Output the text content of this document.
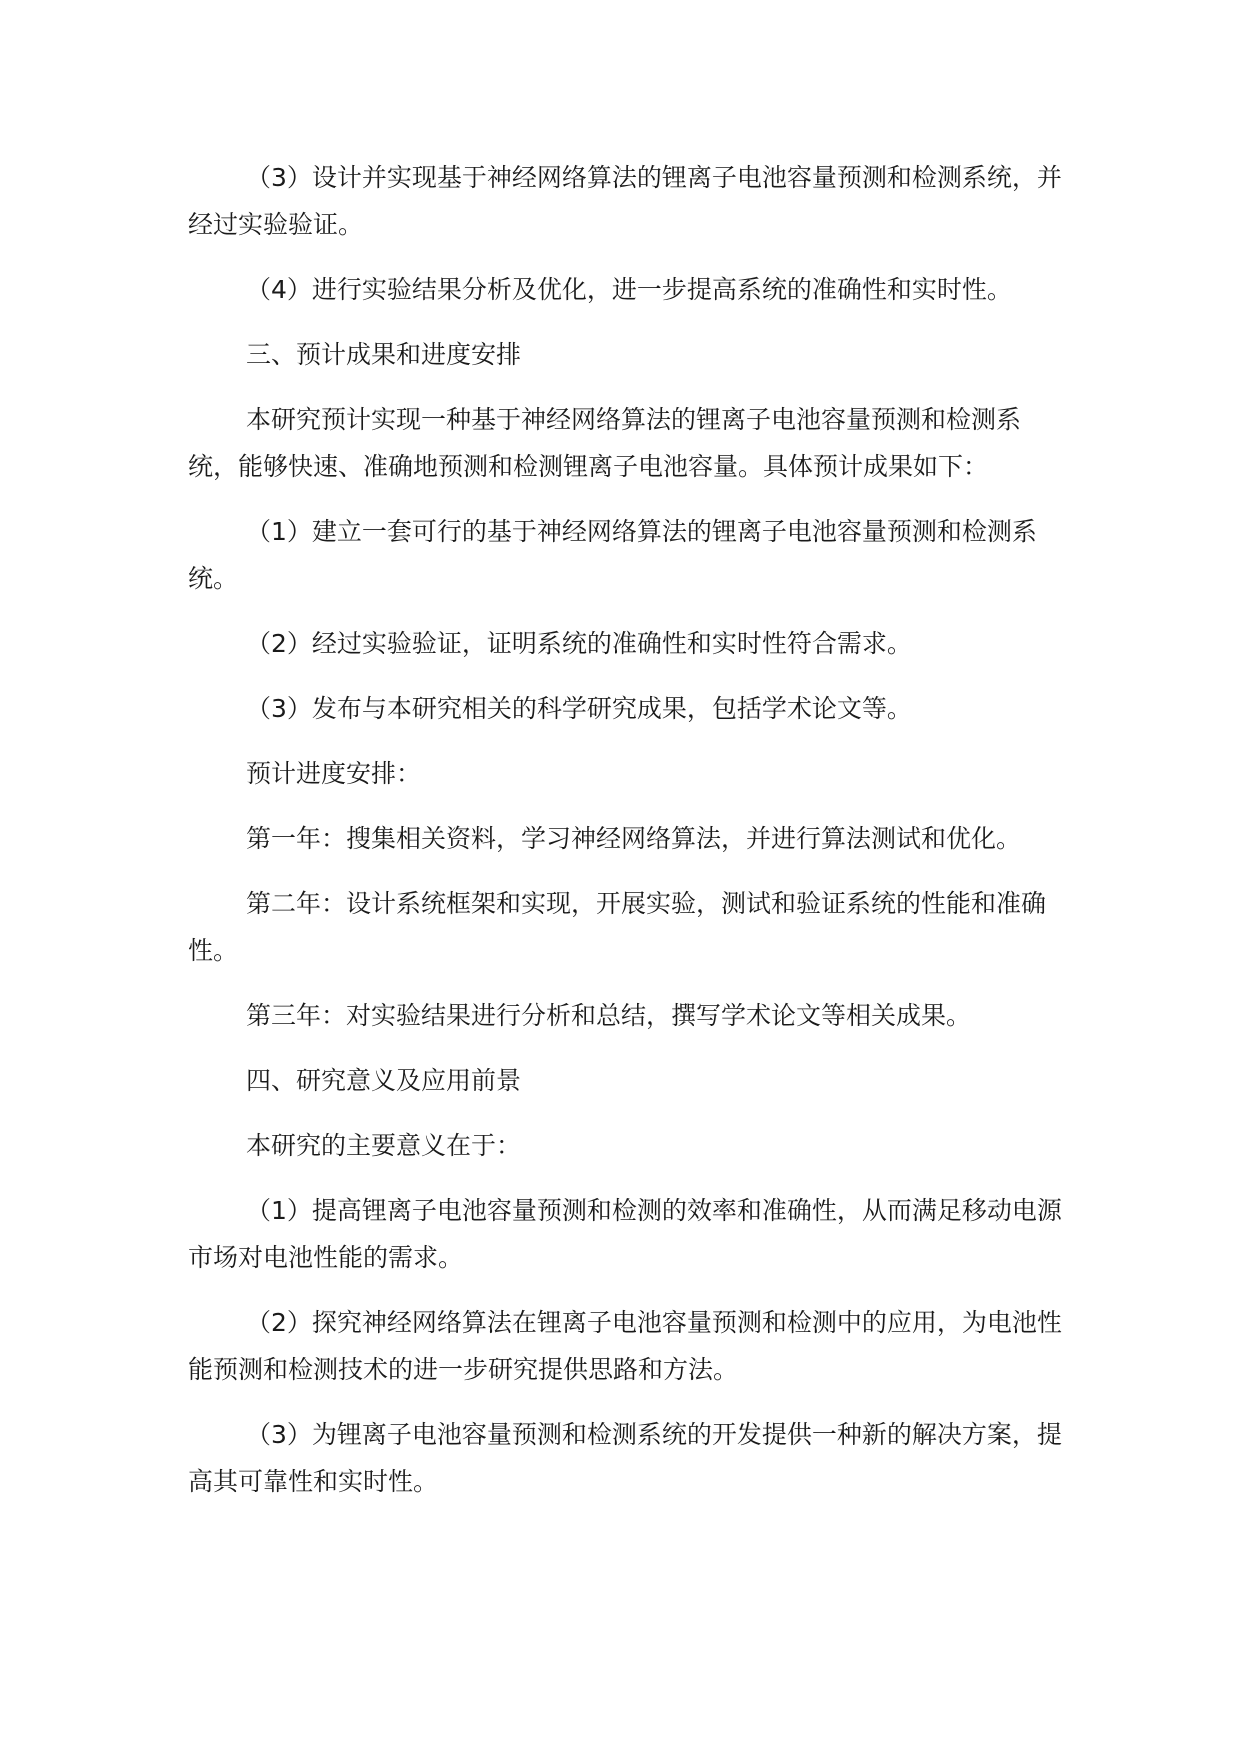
（3）设计并实现基于神经网络算法的锂离子电池容量预测和检测系统，并经过实验验证。

（4）进行实验结果分析及优化，进一步提高系统的准确性和实时性。

三、预计成果和进度安排

本研究预计实现一种基于神经网络算法的锂离子电池容量预测和检测系统，能够快速、准确地预测和检测锂离子电池容量。具体预计成果如下：

（1）建立一套可行的基于神经网络算法的锂离子电池容量预测和检测系统。

（2）经过实验验证，证明系统的准确性和实时性符合需求。

（3）发布与本研究相关的科学研究成果，包括学术论文等。

预计进度安排：

第一年：搜集相关资料，学习神经网络算法，并进行算法测试和优化。

第二年：设计系统框架和实现，开展实验，测试和验证系统的性能和准确性。

第三年：对实验结果进行分析和总结，撰写学术论文等相关成果。

四、研究意义及应用前景

本研究的主要意义在于：

（1）提高锂离子电池容量预测和检测的效率和准确性，从而满足移动电源市场对电池性能的需求。

（2）探究神经网络算法在锂离子电池容量预测和检测中的应用，为电池性能预测和检测技术的进一步研究提供思路和方法。

（3）为锂离子电池容量预测和检测系统的开发提供一种新的解决方案，提高其可靠性和实时性。
